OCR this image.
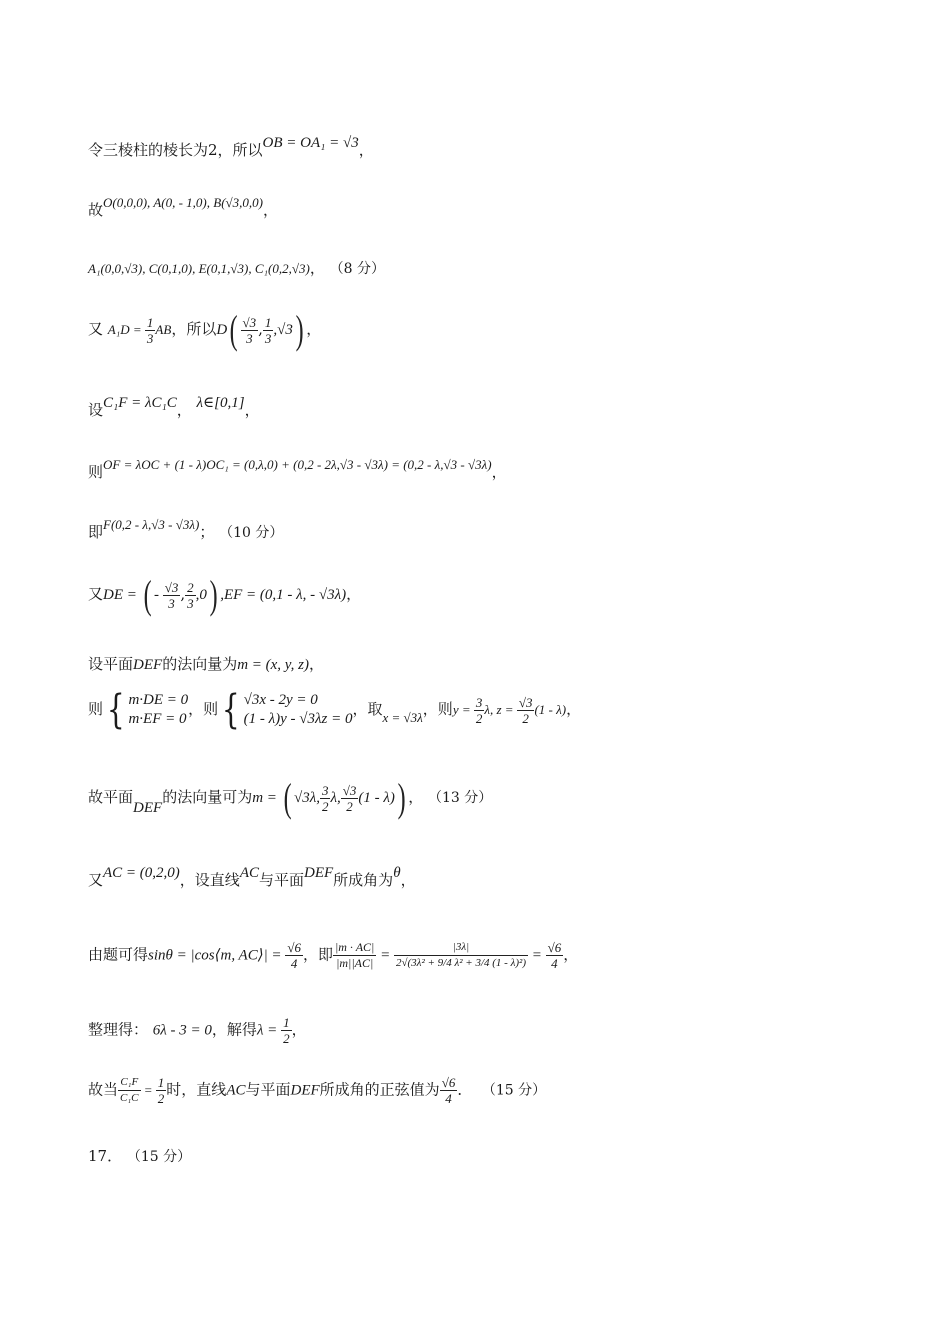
令三棱柱的棱长为2，所以OB = OA₁ = √3，
故O(0,0,0), A(0, - 1,0), B(√3,0,0)，
A₁(0,0,√3), C(0,1,0), E(0,1,√3), C₁(0,2,√3)， （8 分）
又 $A_1D = \frac{1}{3}$ AB，所以$D( \frac{√3}{3}$ , $\frac{1}{3} ,√3$) ，
设C₁F = λC₁C， λ∈[0,1]，
则OF = λOC + (1 - λ)OC₁ = (0,λ,0) + (0,2 - 2λ,√3 - √3λ) = (0,2 - λ,√3 - √3λ)，
即F(0,2 - λ,√3 - √3λ)； （10 分）
又DE = ( - $\frac{√3}{3}$ , $\frac{2}{3} ,0$) ,EF = (0,1 - λ, - √3λ)，
设平面DEF的法向量为m = (x, y, z)，
则{ m·DE = 0
m·EF = 0，则{ √3x - 2y = 0
(1 - λ)y - √3λz = 0，取x = √3λ，则$y = \frac{3}{2} \lambda$, $z = \frac{√3}{2} (1 - \lambda)$，
故平面DEF的法向量可为m = ( √3λ, $\frac{3}{2} \lambda$, $\frac{√3}{2} (1 - \lambda)$) ， （13 分）
又AC = (0,2,0)，设直线AC与平面DEF所成角为θ，
由题可得sinθ = |cos⟨m, AC⟩| = $\frac{√6}{4}$ ，即 $\frac{|m \cdot AC|}{|m||AC|} = \frac{|3\lambda|}{\text{2√(3λ² + 9/4 λ² + 3/4 (1 - λ)²)}} = \frac{√6}{4}$ ，
整理得： 6λ - 3 = 0，解得$\lambda = \frac{1}{2}$ ，
故当 $\frac{\text{C₁F}}{\text{C₁C}} = \frac{1}{2}$ 时，直线AC与平面DEF所成角的正弦值为 $\frac{√6}{4}$ ． （15 分）
17． （15 分）
